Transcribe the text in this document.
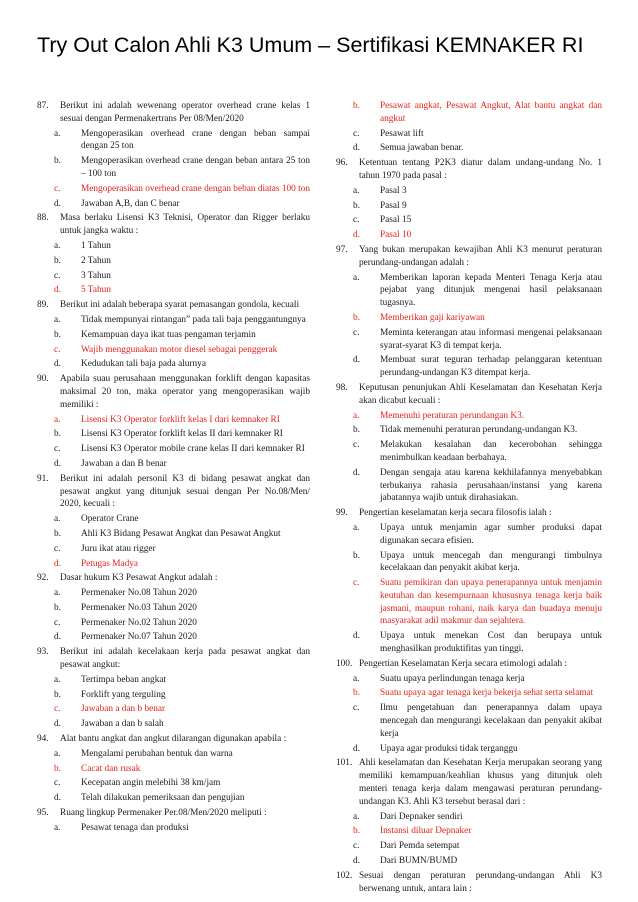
Try Out Calon Ahli K3 Umum – Sertifikasi KEMNAKER RI
87.	Berikut ini adalah wewenang operator overhead crane kelas 1 sesuai dengan Permenakertrans Per 08/Men/2020
a.	Mengoperasikan overhead crane dengan beban sampai dengan 25 ton
b.	Mengoperasikan overhead crane dengan beban antara 25 ton – 100 ton
c.	Mengoperasikan overhead crane dengan beban diatas 100 ton
d.	Jawaban A,B, dan C benar
88.	Masa berlaku Lisensi K3 Teknisi, Operator dan Rigger berlaku untuk jangka waktu :
a.	1 Tahun
b.	2 Tahun
c.	3 Tahun
d.	5 Tahun
89.	Berikut ini adalah beberapa syarat pemasangan gondola, kecuali
a.	Tidak mempunyai rintangan” pada tali baja penggantungnya
b.	Kemampuan daya ikat tuas pengaman terjamin
c.	Wajib menggunakan motor diesel sebagai penggerak
d.	Kedudukan tali baja pada alurnya
90.	Apabila suau perusahaan menggunakan forklift dengan kapasitas maksimal 20 ton, maka operator yang mengoperasikan wajib memiliki :
a.	Lisensi K3 Operator forklift kelas I dari kemnaker RI
b.	Lisensi K3 Operator forklift kelas II dari kemnaker RI
c.	Lisensi K3 Operator mobile crane kelas II dari kemnaker RI
d.	Jawaban a dan B benar
91.	Berikut ini adalah personil K3 di bidang pesawat angkat dan pesawat angkut yang ditunjuk sesuai dengan Per No.08/Men/ 2020, kecuali :
a.	Operator Crane
b.	Ahli K3 Bidang Pesawat Angkat dan Pesawat Angkut
c.	Juru ikat atau rigger
d.	Petugas Madya
92.	Dasar hukum K3 Pesawat Angkut adalah :
a.	Permenaker No.08 Tahun 2020
b.	Permenaker No.03 Tahun 2020
c.	Permenaker No.02 Tahun 2020
d.	Permenaker No.07 Tahun 2020
93.	Berikut ini adalah kecelakaan kerja pada pesawat angkat dan pesawat angkut:
a.	Tertimpa beban angkat
b.	Forklift yang terguling
c.	Jawaban a dan b benar
d.	Jawaban a dan b salah
94.	Alat bantu angkat dan angkut dilarangan digunakan apabila :
a.	Mengalami perubahan bentuk dan warna
b.	Cacat dan rusak
c.	Kecepatan angin melebihi 38 km/jam
d.	Telah dilakukan pemeriksaan dan pengujian
95.	Ruang lingkup Permenaker Per.08/Men/2020 meliputi :
a.	Pesawat tenaga dan produksi
b.	Pesawat angkat, Pesawat Angkut, Alat bantu angkat dan angkut
c.	Pesawat lift
d.	Semua jawaban benar.
96.	Ketentuan tentang P2K3 diatur dalam undang-undang No. 1 tahun 1970 pada pasal :
a.	Pasal 3
b.	Pasal 9
c.	Pasal 15
d.	Pasal 10
97.	Yang bukan merupakan kewajiban Ahli K3 menurut peraturan perundang-undangan adalah :
a.	Memberikan laporan kepada Menteri Tenaga Kerja atau pejabat yang ditunjuk mengenai hasil pelaksanaan tugasnya.
b.	Memberikan gaji kariyawan
c.	Meminta keterangan atau informasi mengenai pelaksanaan syarat-syarat K3 di tempat kerja.
d.	Membuat surat teguran terhadap pelanggaran ketentuan perundang-undangan K3 ditempat kerja.
98.	Keputusan penunjukan Ahli Keselamatan dan Kesehatan Kerja akan dicabut kecuali :
a.	Memenuhi peraturan perundangan K3.
b.	Tidak memenuhi peraturan perundang-undangan K3.
c.	Melakukan kesalahan dan kecerobohan sehingga menimbulkan keadaan berbahaya.
d.	Dengan sengaja atau karena kekhilafannya menyebabkan terbukanya rahasia perusahaan/instansi yang karena jabatannya wajib untuk dirahasiakan.
99.	Pengertian keselamatan kerja secara filosofis ialah :
a.	Upaya untuk menjamin agar sumber produksi dapat digunakan secara efisien.
b.	Upaya untuk mencegah dan mengurangi timbulnya kecelakaan dan penyakit akibat kerja.
c.	Suatu pemikiran dan upaya penerapannya untuk menjamin keutuhan dan kesempurnaan khususnya tenaga kerja baik jasmani, maupun rohani, naik karya dan buadaya menuju masyarakat adil makmur dan sejahtera.
d.	Upaya untuk menekan Cost dan berupaya untuk menghasilkan produktifitas yan tinggi.
100. Pengertian Keselamatan Kerja secara etimologi adalah :
a.	Suatu upaya perlindungan tenaga kerja
b.	Suatu upaya agar tenaga kerja bekerja sehat serta selamat
c.	Ilmu pengetahuan dan penerapannya dalam upaya mencegah dan mengurangi kecelakaan dan penyakit akibat kerja
d.	Upaya agar produksi tidak terganggu
101. Ahli keselamatan dan Kesehatan Kerja merupakan seorang yang memiliki kemampuan/keahlian khusus yang ditunjuk oleh menteri tenaga kerja dalam mengawasi peraturan perundang-undangan K3. Ahli K3 tersebut berasal dari :
a.	Dari Depnaker sendiri
b.	Instansi diluar Depnaker
c.	Dari Pemda setempat
d.	Dari BUMN/BUMD
102. Sesuai dengan peraturan perundang-undangan Ahli K3 berwenang untuk, antara lain :
